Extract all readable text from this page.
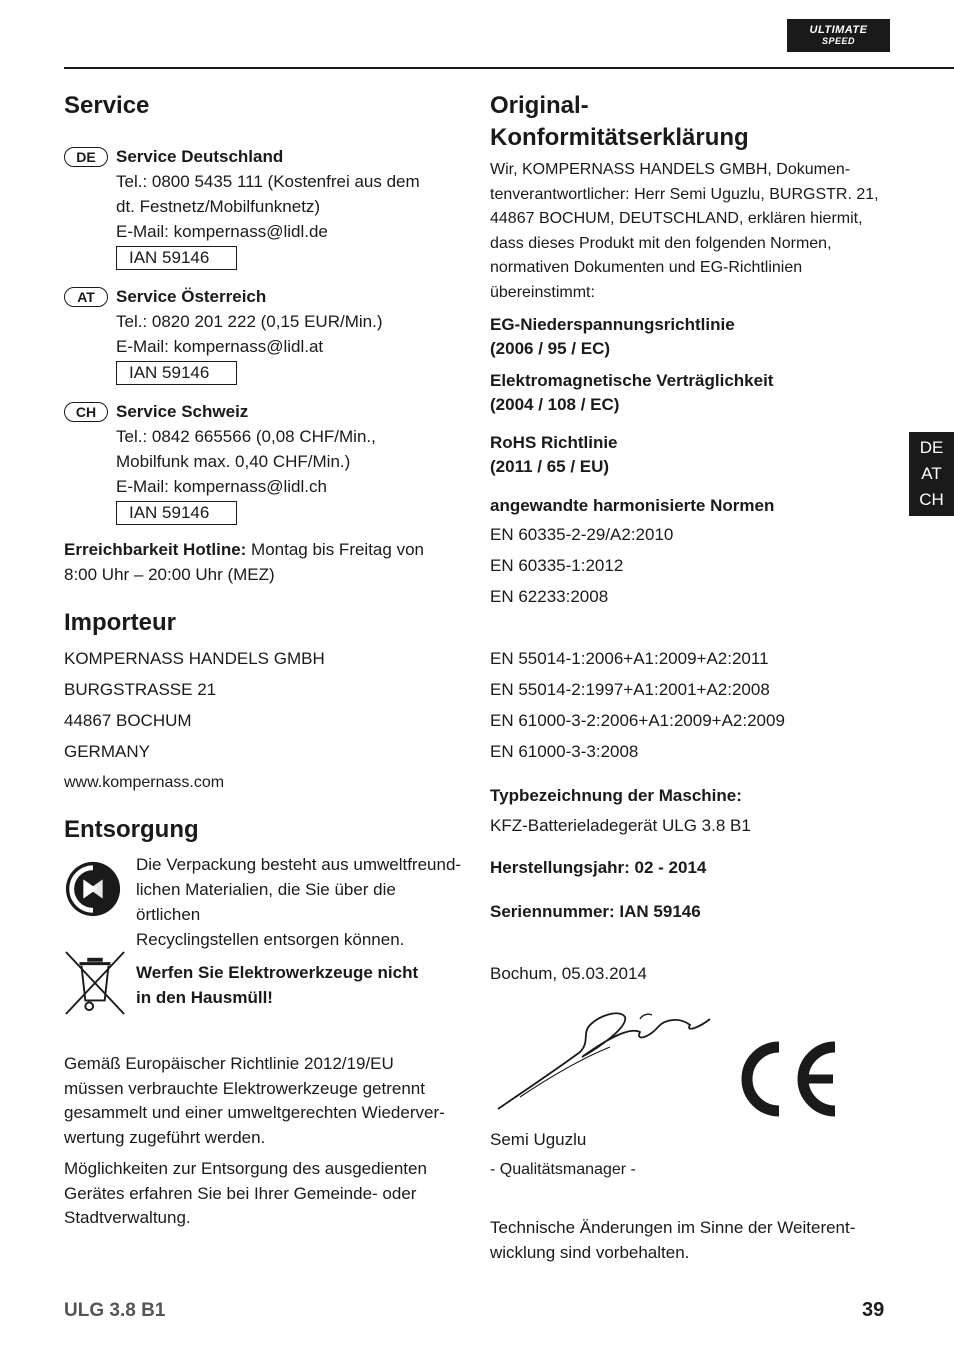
ULTIMATE
SPEED
Service
DE	Service Deutschland

Tel.: 0800 5435 111 (Kostenfrei aus dem

dt. Festnetz/Mobilfunknetz)

E-Mail: kompernass@lidl.de

IAN 59146
AT	Service Österreich

Tel.: 0820 201 222 (0,15 EUR/Min.)

E-Mail: kompernass@lidl.at

IAN 59146
CH	Service Schweiz

Tel.: 0842 665566 (0,08 CHF/Min.,

Mobilfunk max. 0,40 CHF/Min.)

E-Mail: kompernass@lidl.ch

IAN 59146

Erreichbarkeit Hotline: Montag bis Freitag von

8:00 Uhr – 20:00 Uhr (MEZ)

Importeur

KOMPERNASS HANDELS GMBH

BURGSTRASSE 21

44867 BOCHUM

GERMANY

www.kompernass.com

Entsorgung

Die Verpackung besteht aus umweltfreund-

lichen Materialien, die Sie über die örtlichen

Recyclingstellen entsorgen können.

Werfen Sie Elektrowerkzeuge nicht

in den Hausmüll!

Gemäß Europäischer Richtlinie 2012/19/EU

müssen verbrauchte Elektrowerkzeuge getrennt

gesammelt und einer umweltgerechten Wiederver-

wertung zugeführt werden.

Möglichkeiten zur Entsorgung des ausgedienten

Gerätes erfahren Sie bei Ihrer Gemeinde- oder

Stadtverwaltung.

Original-
Konformitätserklärung

Wir, KOMPERNASS HANDELS GMBH, Dokumen-

tenverantwortlicher: Herr Semi Uguzlu, BURGSTR. 21,

44867 BOCHUM, DEUTSCHLAND, erklären hiermit,

dass dieses Produkt mit den folgenden Normen,

normativen Dokumenten und EG-Richtlinien

übereinstimmt:

EG-Niederspannungsrichtlinie

(2006 / 95 / EC)

Elektromagnetische Verträglichkeit

(2004 / 108 / EC)

RoHS Richtlinie

(2011 / 65 / EU)

angewandte harmonisierte Normen

EN 60335-2-29/A2:2010

EN 60335-1:2012

EN 62233:2008

EN 55014-1:2006+A1:2009+A2:2011

EN 55014-2:1997+A1:2001+A2:2008

EN 61000-3-2:2006+A1:2009+A2:2009

EN 61000-3-3:2008

Typbezeichnung der Maschine:

KFZ-Batterieladegerät ULG 3.8 B1

Herstellungsjahr: 02 - 2014

Seriennummer: IAN 59146

Bochum, 05.03.2014

Semi Uguzlu

- Qualitätsmanager -

Technische Änderungen im Sinne der Weiterent-

wicklung sind vorbehalten.

DE
AT
CH
ULG 3.8 B1	39
